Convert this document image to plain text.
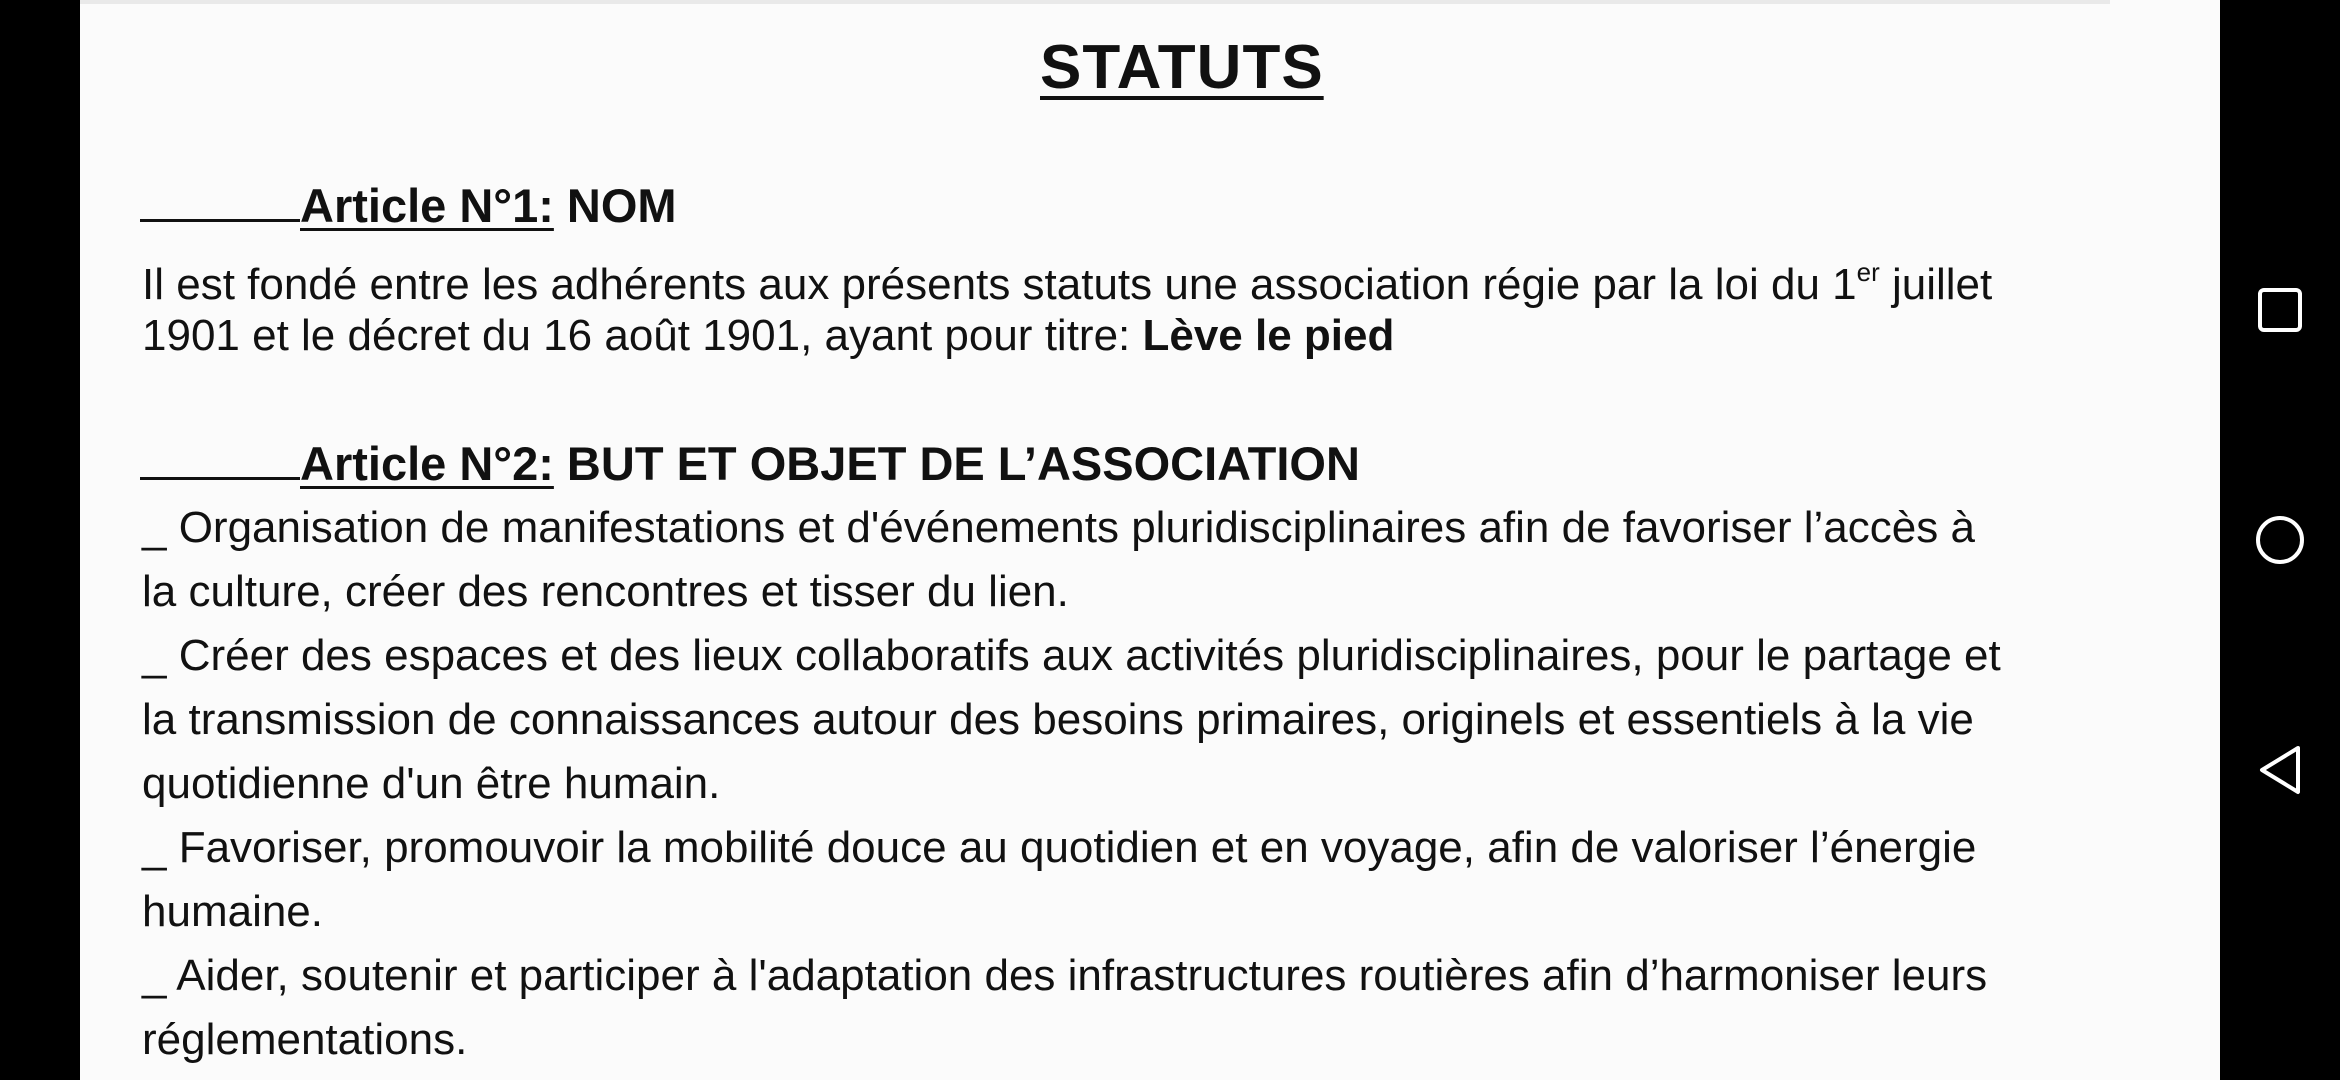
STATUTS
Article N°1: NOM
Il est fondé entre les adhérents aux présents statuts une association régie par la loi du 1er juillet
1901 et le décret du 16 août 1901, ayant pour titre: Lève le pied
Article N°2: BUT ET OBJET DE L’ASSOCIATION
_ Organisation de manifestations et d'événements pluridisciplinaires afin de favoriser l’accès à
la culture, créer des rencontres et tisser du lien.
_ Créer des espaces et des lieux collaboratifs aux activités pluridisciplinaires, pour le partage et
la transmission de connaissances autour des besoins primaires, originels et essentiels à la vie
quotidienne d'un être humain.
_ Favoriser, promouvoir la mobilité douce au quotidien et en voyage, afin de valoriser l’énergie
humaine.
_ Aider, soutenir et participer à l'adaptation des infrastructures routières afin d’harmoniser leurs
réglementations.
